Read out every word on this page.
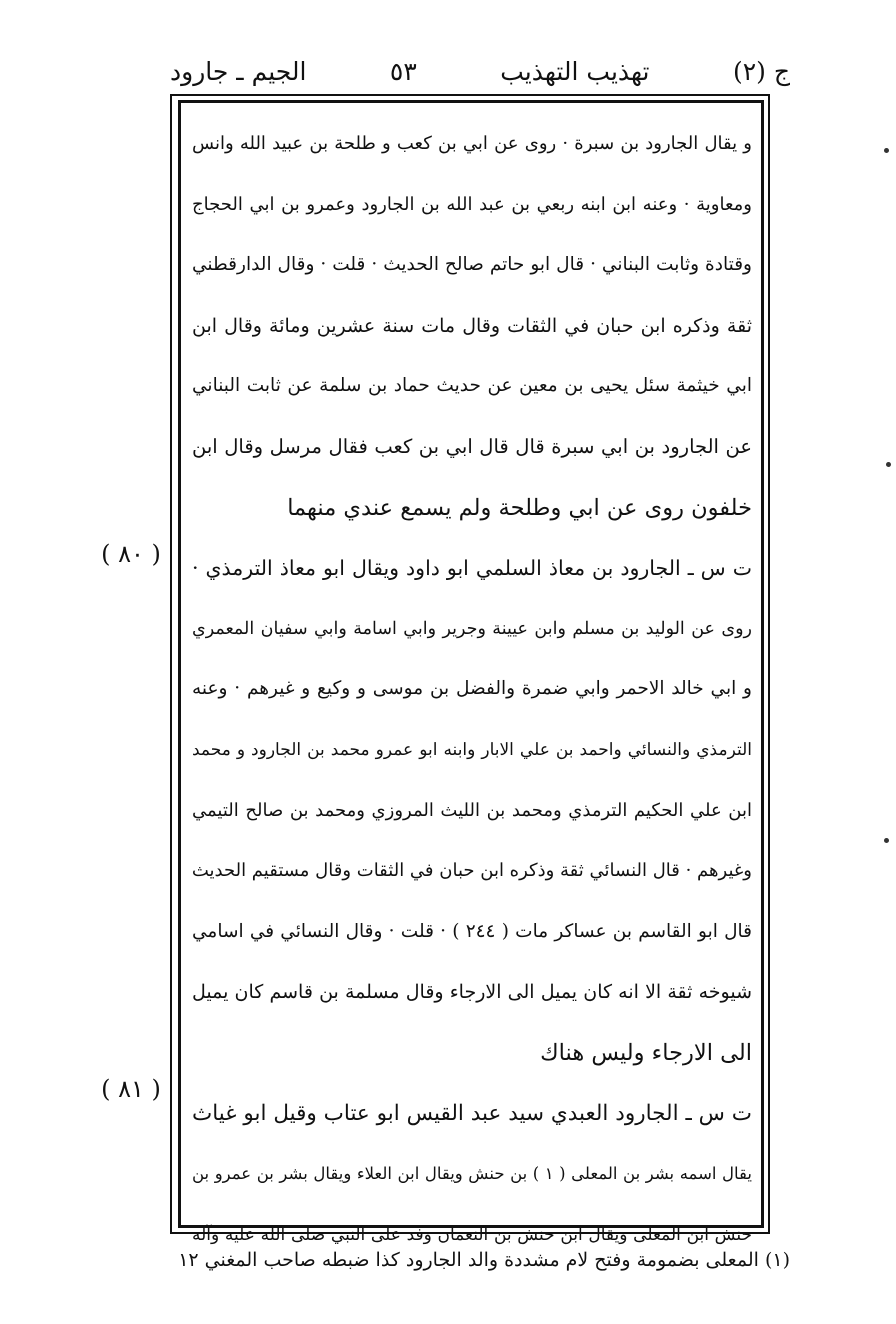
ج (٢)
تهذيب التهذيب
٥٣
الجيم ـ جارود
و يقال الجارود بن سبرة · روى عن ابي بن كعب و طلحة بن عبيد الله وانس
ومعاوية · وعنه ابن ابنه ربعي بن عبد الله بن الجارود وعمرو بن ابي الحجاج
وقتادة وثابت البناني · قال ابو حاتم صالح الحديث · قلت · وقال الدارقطني
ثقة وذكره ابن حبان في الثقات وقال مات سنة عشرين ومائة وقال ابن
ابي خيثمة سئل يحيى بن معين عن حديث حماد بن سلمة عن ثابت البناني
عن الجارود بن ابي سبرة قال قال ابي بن كعب فقال مرسل وقال ابن
خلفون روى عن ابي وطلحة ولم يسمع عندي منهما
ت س ـ الجارود بن معاذ السلمي ابو داود ويقال ابو معاذ الترمذي ·
روى عن الوليد بن مسلم وابن عيينة وجرير وابي اسامة وابي سفيان المعمري
و ابي خالد الاحمر وابي ضمرة والفضل بن موسى و وكيع و غيرهم · وعنه
الترمذي والنسائي واحمد بن علي الابار وابنه ابو عمرو محمد بن الجارود و محمد
ابن علي الحكيم الترمذي ومحمد بن الليث المروزي ومحمد بن صالح التيمي
وغيرهم · قال النسائي ثقة وذكره ابن حبان في الثقات وقال مستقيم الحديث
قال ابو القاسم بن عساكر مات ( ٢٤٤ ) · قلت · وقال النسائي في اسامي
شيوخه ثقة الا انه كان يميل الى الارجاء وقال مسلمة بن قاسم كان يميل
الى الارجاء وليس هناك
ت س ـ الجارود العبدي سيد عبد القيس ابو عتاب وقيل ابو غياث
يقال اسمه بشر بن المعلى ( ١ ) بن حنش ويقال ابن العلاء ويقال بشر بن عمرو بن
حنش ابن المعلى ويقال ابن حنش بن النعمان وفد على النبي صلى الله عليه وآله
( ٨٠ )
( ٨١ )
(١) المعلى بضمومة وفتح لام مشددة والد الجارود كذا ضبطه صاحب المغني ١٢
